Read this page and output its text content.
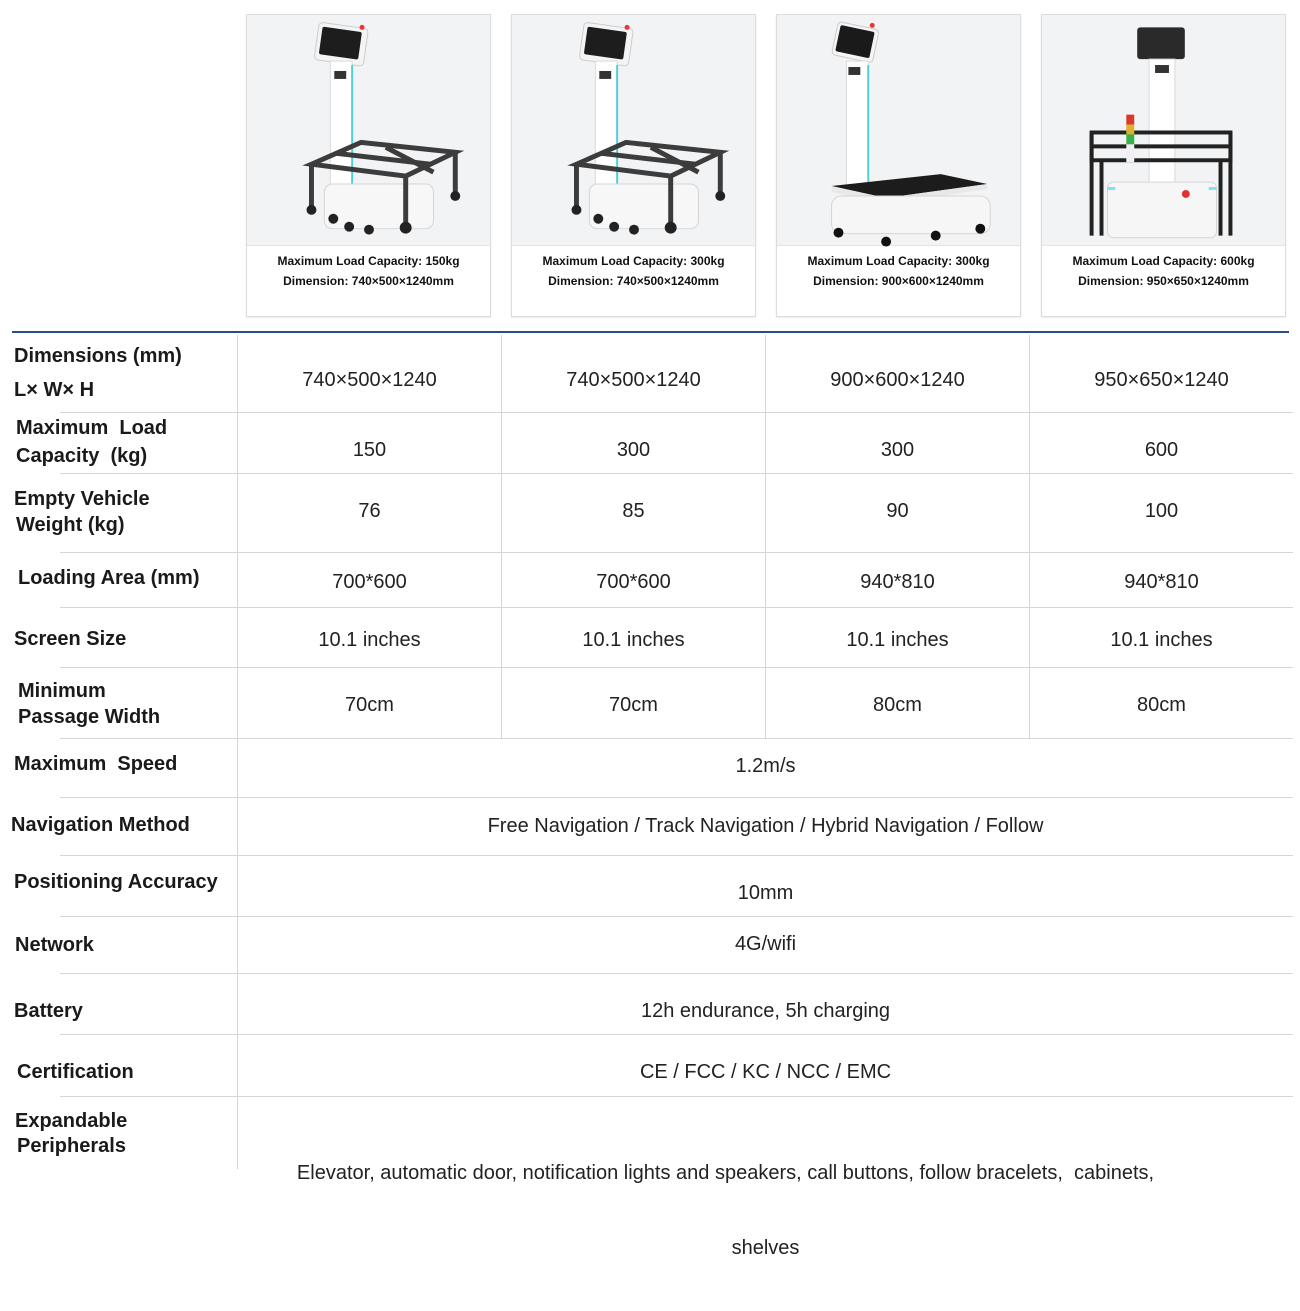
Maximum Load Capacity: 150kg
Dimension: 740×500×1240mm
Maximum Load Capacity: 300kg
Dimension: 740×500×1240mm
Maximum Load Capacity: 300kg
Dimension: 900×600×1240mm
Maximum Load Capacity: 600kg
Dimension: 950×650×1240mm
Dimensions (mm)
L× W× H	740×500×1240	740×500×1240	900×600×1240	950×650×1240
Maximum  Load
Capacity  (kg)	150	300	300	600
Empty Vehicle
Weight (kg)
76	85	90	100
Loading Area (mm)	700*600	700*600	940*810	940*810
Screen Size	10.1 inches	10.1 inches	10.1 inches	10.1 inches
Minimum
Passage Width
70cm	70cm	80cm	80cm
Maximum  Speed	1.2m/s
Navigation Method	Free Navigation / Track Navigation / Hybrid Navigation / Follow
Positioning Accuracy	10mm
Network	4G/wifi
Battery	12h endurance, 5h charging
Certification	CE / FCC / KC / NCC / EMC
Expandable
Peripherals

Elevator, automatic door, notification lights and speakers, call buttons, follow bracelets,  cabinets,

shelves
